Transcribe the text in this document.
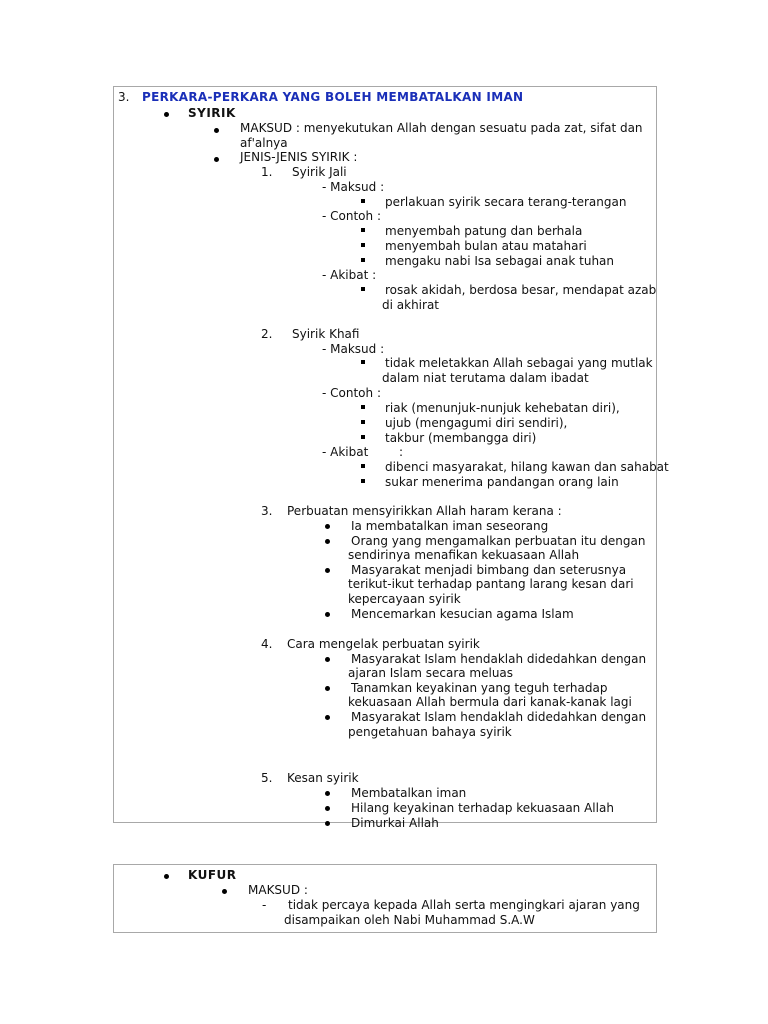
3. PERKARA-PERKARA YANG BOLEH MEMBATALKAN IMAN
SYIRIK
MAKSUD : menyekutukan Allah dengan sesuatu pada zat, sifat dan
af'alnya
JENIS-JENIS SYIRIK :
1. Syirik Jali
- Maksud :
perlakuan syirik secara terang-terangan
- Contoh :
menyembah patung dan berhala
menyembah bulan atau matahari
mengaku nabi Isa sebagai anak tuhan
- Akibat :
rosak akidah, berdosa besar, mendapat azab
di akhirat
2. Syirik Khafi
- Maksud :
tidak meletakkan Allah sebagai yang mutlak
dalam niat terutama dalam ibadat
- Contoh :
riak (menunjuk-nunjuk kehebatan diri),
ujub (mengagumi diri sendiri),
takbur (membangga diri)
- Akibat	:
dibenci masyarakat, hilang kawan dan sahabat
sukar menerima pandangan orang lain
3. Perbuatan mensyirikkan Allah haram kerana :
Ia membatalkan iman seseorang
Orang yang mengamalkan perbuatan itu dengan
sendirinya menafikan kekuasaan Allah
Masyarakat menjadi bimbang dan seterusnya
terikut-ikut terhadap pantang larang kesan dari
kepercayaan syirik
Mencemarkan kesucian agama Islam
4. Cara mengelak perbuatan syirik
Masyarakat Islam hendaklah didedahkan dengan
ajaran Islam secara meluas
Tanamkan keyakinan yang teguh terhadap
kekuasaan Allah bermula dari kanak-kanak lagi
Masyarakat Islam hendaklah didedahkan dengan
pengetahuan bahaya syirik
5. Kesan syirik
Membatalkan iman
Hilang keyakinan terhadap kekuasaan Allah
Dimurkai Allah
KUFUR
MAKSUD :
- tidak percaya kepada Allah serta mengingkari ajaran yang
disampaikan oleh Nabi Muhammad S.A.W
